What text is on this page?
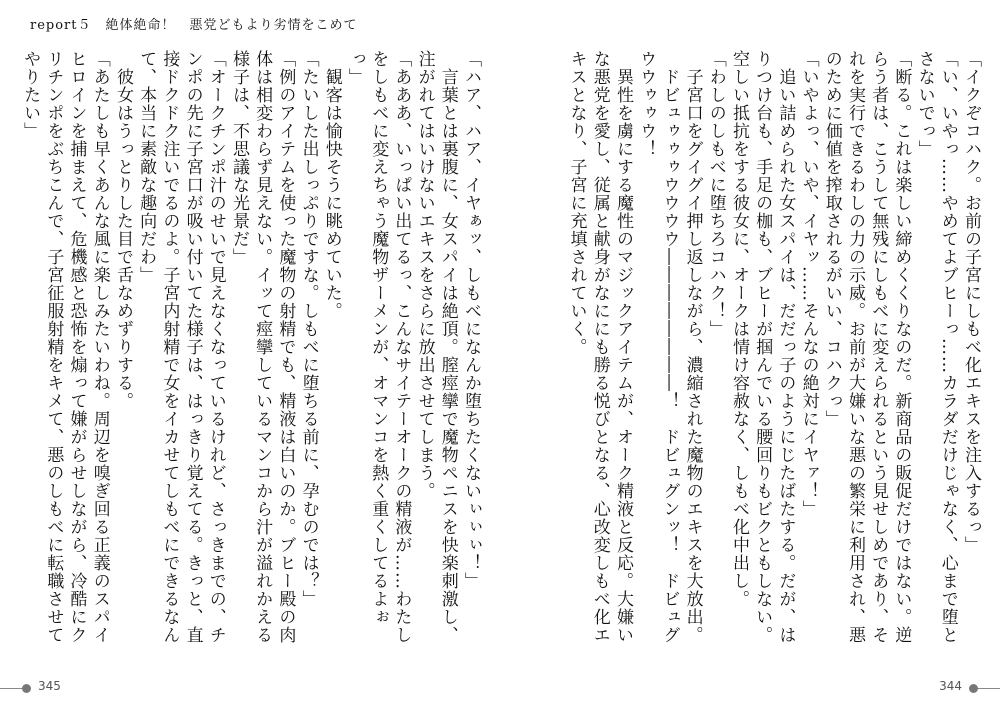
report５　絶体絶命！　悪党どもより劣情をこめて
「ハア、ハア、イヤぁッ、しもべになんか堕ちたくないぃぃぃ！」
　言葉とは裏腹に、女スパイは絶頂。膣痙攣で魔物ペニスを快楽刺激し、注がれてはいけないエキスをさらに放出させてしまう。
「あああ、いっぱい出てるっ、こんなサイテーオークの精液が……わたしをしもべに変えちゃう魔物ザーメンが、オマンコを熱く重くしてるよぉっ」
　観客は愉快そうに眺めていた。
「たいした出しっぷりですな。しもべに堕ちる前に、孕むのでは？」
「例のアイテムを使った魔物の射精でも、精液は白いのか。ブヒー殿の肉体は相変わらず見えない。イッて痙攣しているマンコから汁が溢れかえる様子は、不思議な光景だ」
「オークチンポ汁のせいで見えなくなっているけれど、さっきまでの、チンポの先に子宮口が吸い付いてた様子は、はっきり覚えてる。きっと、直接ドクドク注いでるのよ。子宮内射精で女をイカせてしもべにできるなんて、本当に素敵な趣向だわ」
　彼女はうっとりした目で舌なめずりする。
「あたしも早くあんな風に楽しみたいわね。周辺を嗅ぎ回る正義のスパイヒロインを捕まえて、危機感と恐怖を煽って嫌がらせしながら、冷酷にクリチンポをぶちこんで、子宮征服射精をキメて、悪のしもべに転職させてやりたい」	「イクぞコハク。お前の子宮にしもべ化エキスを注入するっ」
「い、いやっ……やめてよブヒーっ……カラダだけじゃなく、心まで堕とさないでっ」
「断る。これは楽しい締めくくりなのだ。新商品の販促だけではない。逆らう者は、こうして無残にしもべに変えられるという見せしめであり、それを実行できるわしの力の示威。お前が大嫌いな悪の繁栄に利用され、悪のために価値を搾取されるがいい、コハクっ」
「いやよっ、いや、イヤッ……そんなの絶対にイヤァ！」
　追い詰められた女スパイは、だだっ子のようにじたばたする。だが、はりつけ台も、手足の枷も、ブヒーが掴んでいる腰回りもビクともしない。空しい抵抗をする彼女に、オークは情け容赦なく、しもべ化中出し。
「わしのしもべに堕ちろコハク！」
　子宮口をグイグイ押し返しながら、濃縮された魔物のエキスを大放出。
　ドビュゥゥゥウウウウ――――――――！　ドビュグンッ！　ドビュグウウゥゥウ！
　異性を虜にする魔性のマジックアイテムが、オーク精液と反応。大嫌いな悪党を愛し、従属と献身がなににも勝る悦びとなる、心改変しもべ化エキスとなり、子宮に充填されていく。
345	344
